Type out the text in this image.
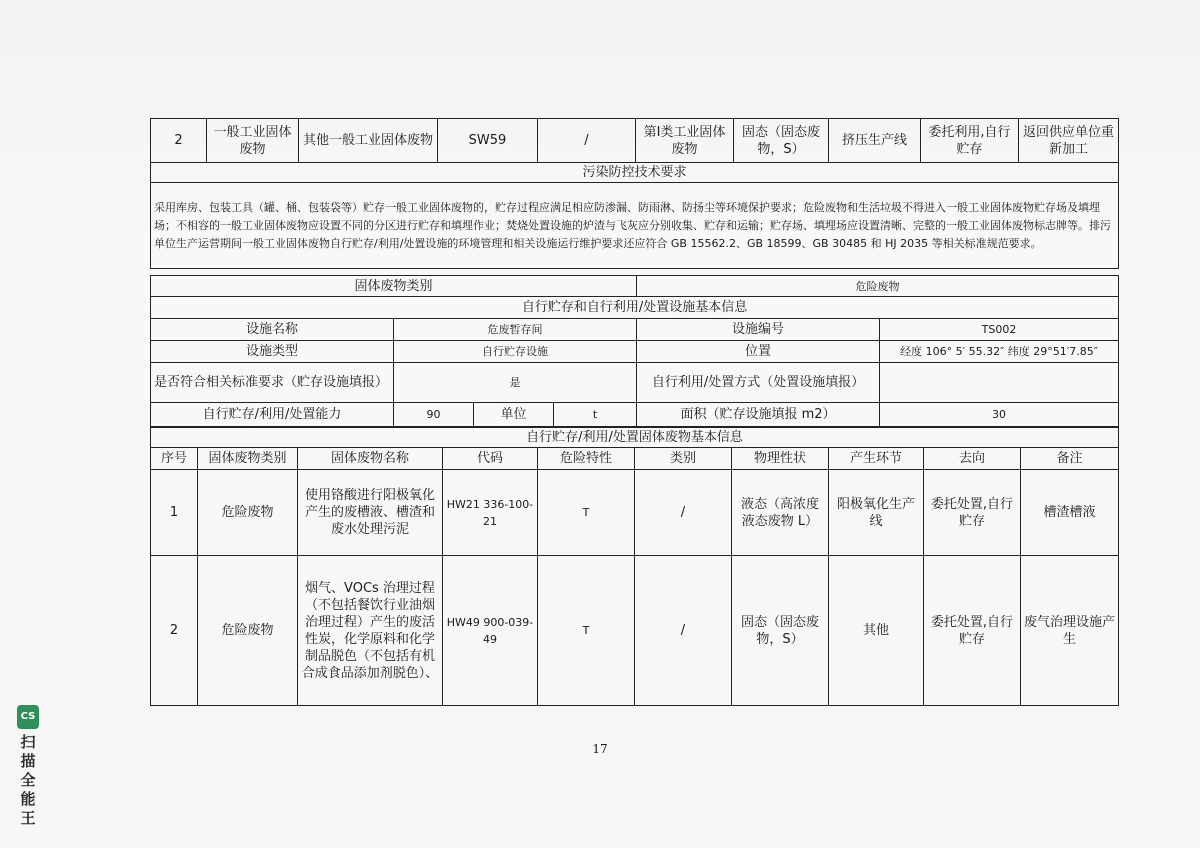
2	一般工业固体废物	其他一般工业固体废物	SW59	/	第Ⅰ类工业固体废物	固态（固态废物，S）	挤压生产线	委托利用,自行贮存	返回供应单位重新加工
污染防控技术要求
采用库房、包装工具（罐、桶、包装袋等）贮存一般工业固体废物的，贮存过程应满足相应防渗漏、防雨淋、防扬尘等环境保护要求；危险废物和生活垃圾不得进入一般工业固体废物贮存场及填埋场；不相容的一般工业固体废物应设置不同的分区进行贮存和填埋作业；焚烧处置设施的炉渣与飞灰应分别收集、贮存和运输；贮存场、填埋场应设置清晰、完整的一般工业固体废物标志牌等。排污单位生产运营期间一般工业固体废物自行贮存/利用/处置设施的环境管理和相关设施运行维护要求还应符合 GB 15562.2、GB 18599、GB 30485 和 HJ 2035 等相关标准规范要求。
固体废物类别				危险废物	
自行贮存和自行利用/处置设施基本信息					
设施名称	危废暂存间			设施编号	TS002
设施类型	自行贮存设施			位置	经度 106° 5′ 55.32″ 纬度 29°51′7.85″
是否符合相关标准要求（贮存设施填报）	是			自行利用/处置方式（处置设施填报）	
自行贮存/利用/处置能力	90	单位	t	面积（贮存设施填报 m2）	30
自行贮存/利用/处置固体废物基本信息									
序号	固体废物类别	固体废物名称	代码	危险特性	类别	物理性状	产生环节	去向	备注
1	危险废物	使用铬酸进行阳极氧化产生的废槽液、槽渣和废水处理污泥	HW21 336-100-21	T	/	液态（高浓度液态废物 L）	阳极氧化生产线	委托处置,自行贮存	槽渣槽液
2	危险废物	烟气、VOCs 治理过程（不包括餐饮行业油烟治理过程）产生的废活性炭，化学原料和化学制品脱色（不包括有机合成食品添加剂脱色）、	HW49 900-039-49	T	/	固态（固态废物，S）	其他	委托处置,自行贮存	废气治理设施产生
17
CS
扫描全能王
